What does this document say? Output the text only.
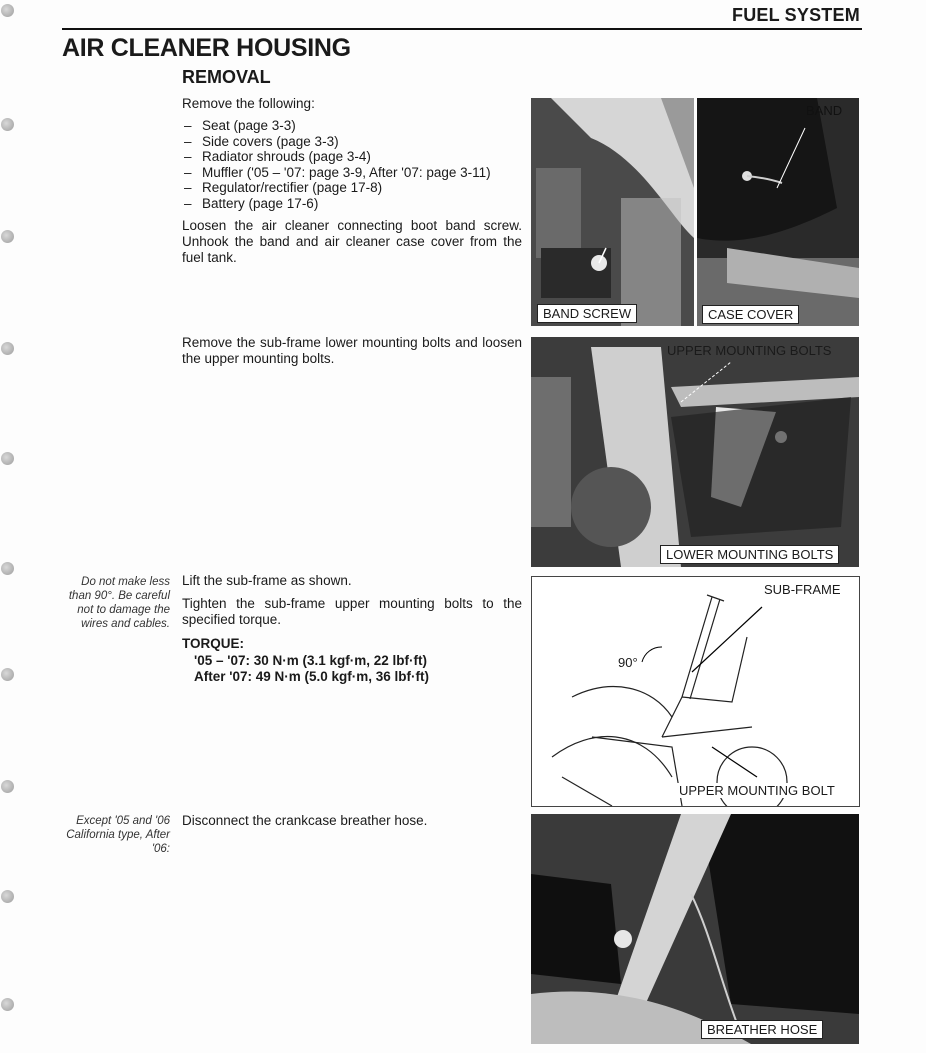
FUEL SYSTEM
AIR CLEANER HOUSING
REMOVAL
Remove the following:
– Seat (page 3-3)
– Side covers (page 3-3)
– Radiator shrouds (page 3-4)
– Muffler ('05 – '07: page 3-9, After '07: page 3-11)
– Regulator/rectifier (page 17-8)
– Battery (page 17-6)
Loosen the air cleaner connecting boot band screw. Unhook the band and air cleaner case cover from the fuel tank.
Remove the sub-frame lower mounting bolts and loosen the upper mounting bolts.
Do not make less than 90°. Be careful not to damage the wires and cables.
Lift the sub-frame as shown.
Tighten the sub-frame upper mounting bolts to the specified torque.
TORQUE:
'05 – '07: 30 N·m (3.1 kgf·m, 22 lbf·ft)
After '07: 49 N·m (5.0 kgf·m, 36 lbf·ft)
Except '05 and '06 California type, After '06:
Disconnect the crankcase breather hose.
BAND
BAND SCREW	CASE COVER
UPPER MOUNTING BOLTS
LOWER MOUNTING BOLTS
SUB-FRAME
90°
UPPER MOUNTING BOLT
BREATHER HOSE
